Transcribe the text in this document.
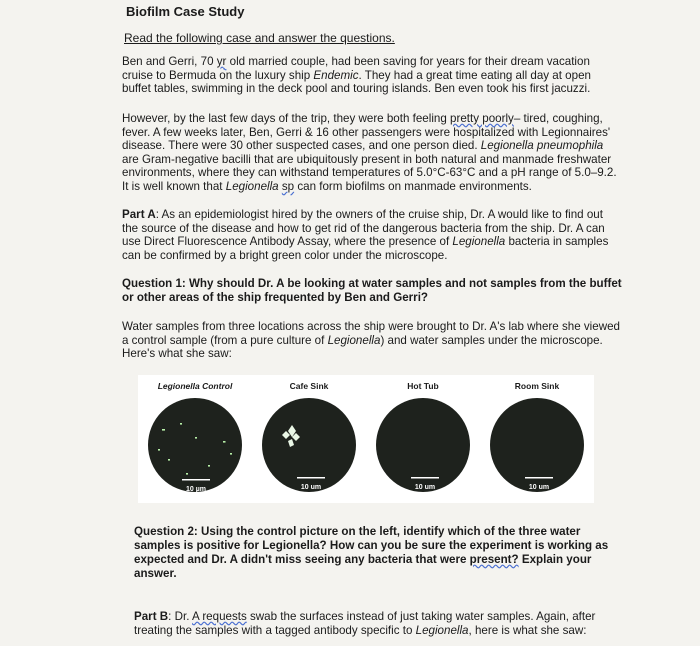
Biofilm Case Study
Read the following case and answer the questions.
Ben and Gerri, 70 yr old married couple, had been saving for years for their dream vacation cruise to Bermuda on the luxury ship Endemic. They had a great time eating all day at open buffet tables, swimming in the deck pool and touring islands. Ben even took his first jacuzzi.
However, by the last few days of the trip, they were both feeling pretty poorly– tired, coughing, fever. A few weeks later, Ben, Gerri & 16 other passengers were hospitalized with Legionnaires' disease. There were 30 other suspected cases, and one person died. Legionella pneumophila are Gram-negative bacilli that are ubiquitously present in both natural and manmade freshwater environments, where they can withstand temperatures of 5.0°C-63°C and a pH range of 5.0–9.2. It is well known that Legionella sp can form biofilms on manmade environments.
Part A: As an epidemiologist hired by the owners of the cruise ship, Dr. A would like to find out the source of the disease and how to get rid of the dangerous bacteria from the ship. Dr. A can use Direct Fluorescence Antibody Assay, where the presence of Legionella bacteria in samples can be confirmed by a bright green color under the microscope.
Question 1: Why should Dr. A be looking at water samples and not samples from the buffet or other areas of the ship frequented by Ben and Gerri?
Water samples from three locations across the ship were brought to Dr. A's lab where she viewed a control sample (from a pure culture of Legionella) and water samples under the microscope. Here's what she saw:
Legionella Control
10 µm
Cafe Sink
10 um
Hot Tub
10 um
Room Sink
10 um
Question 2: Using the control picture on the left, identify which of the three water samples is positive for Legionella? How can you be sure the experiment is working as expected and Dr. A didn't miss seeing any bacteria that were present? Explain your answer.
Part B: Dr. A requests swab the surfaces instead of just taking water samples. Again, after treating the samples with a tagged antibody specific to Legionella, here is what she saw:
